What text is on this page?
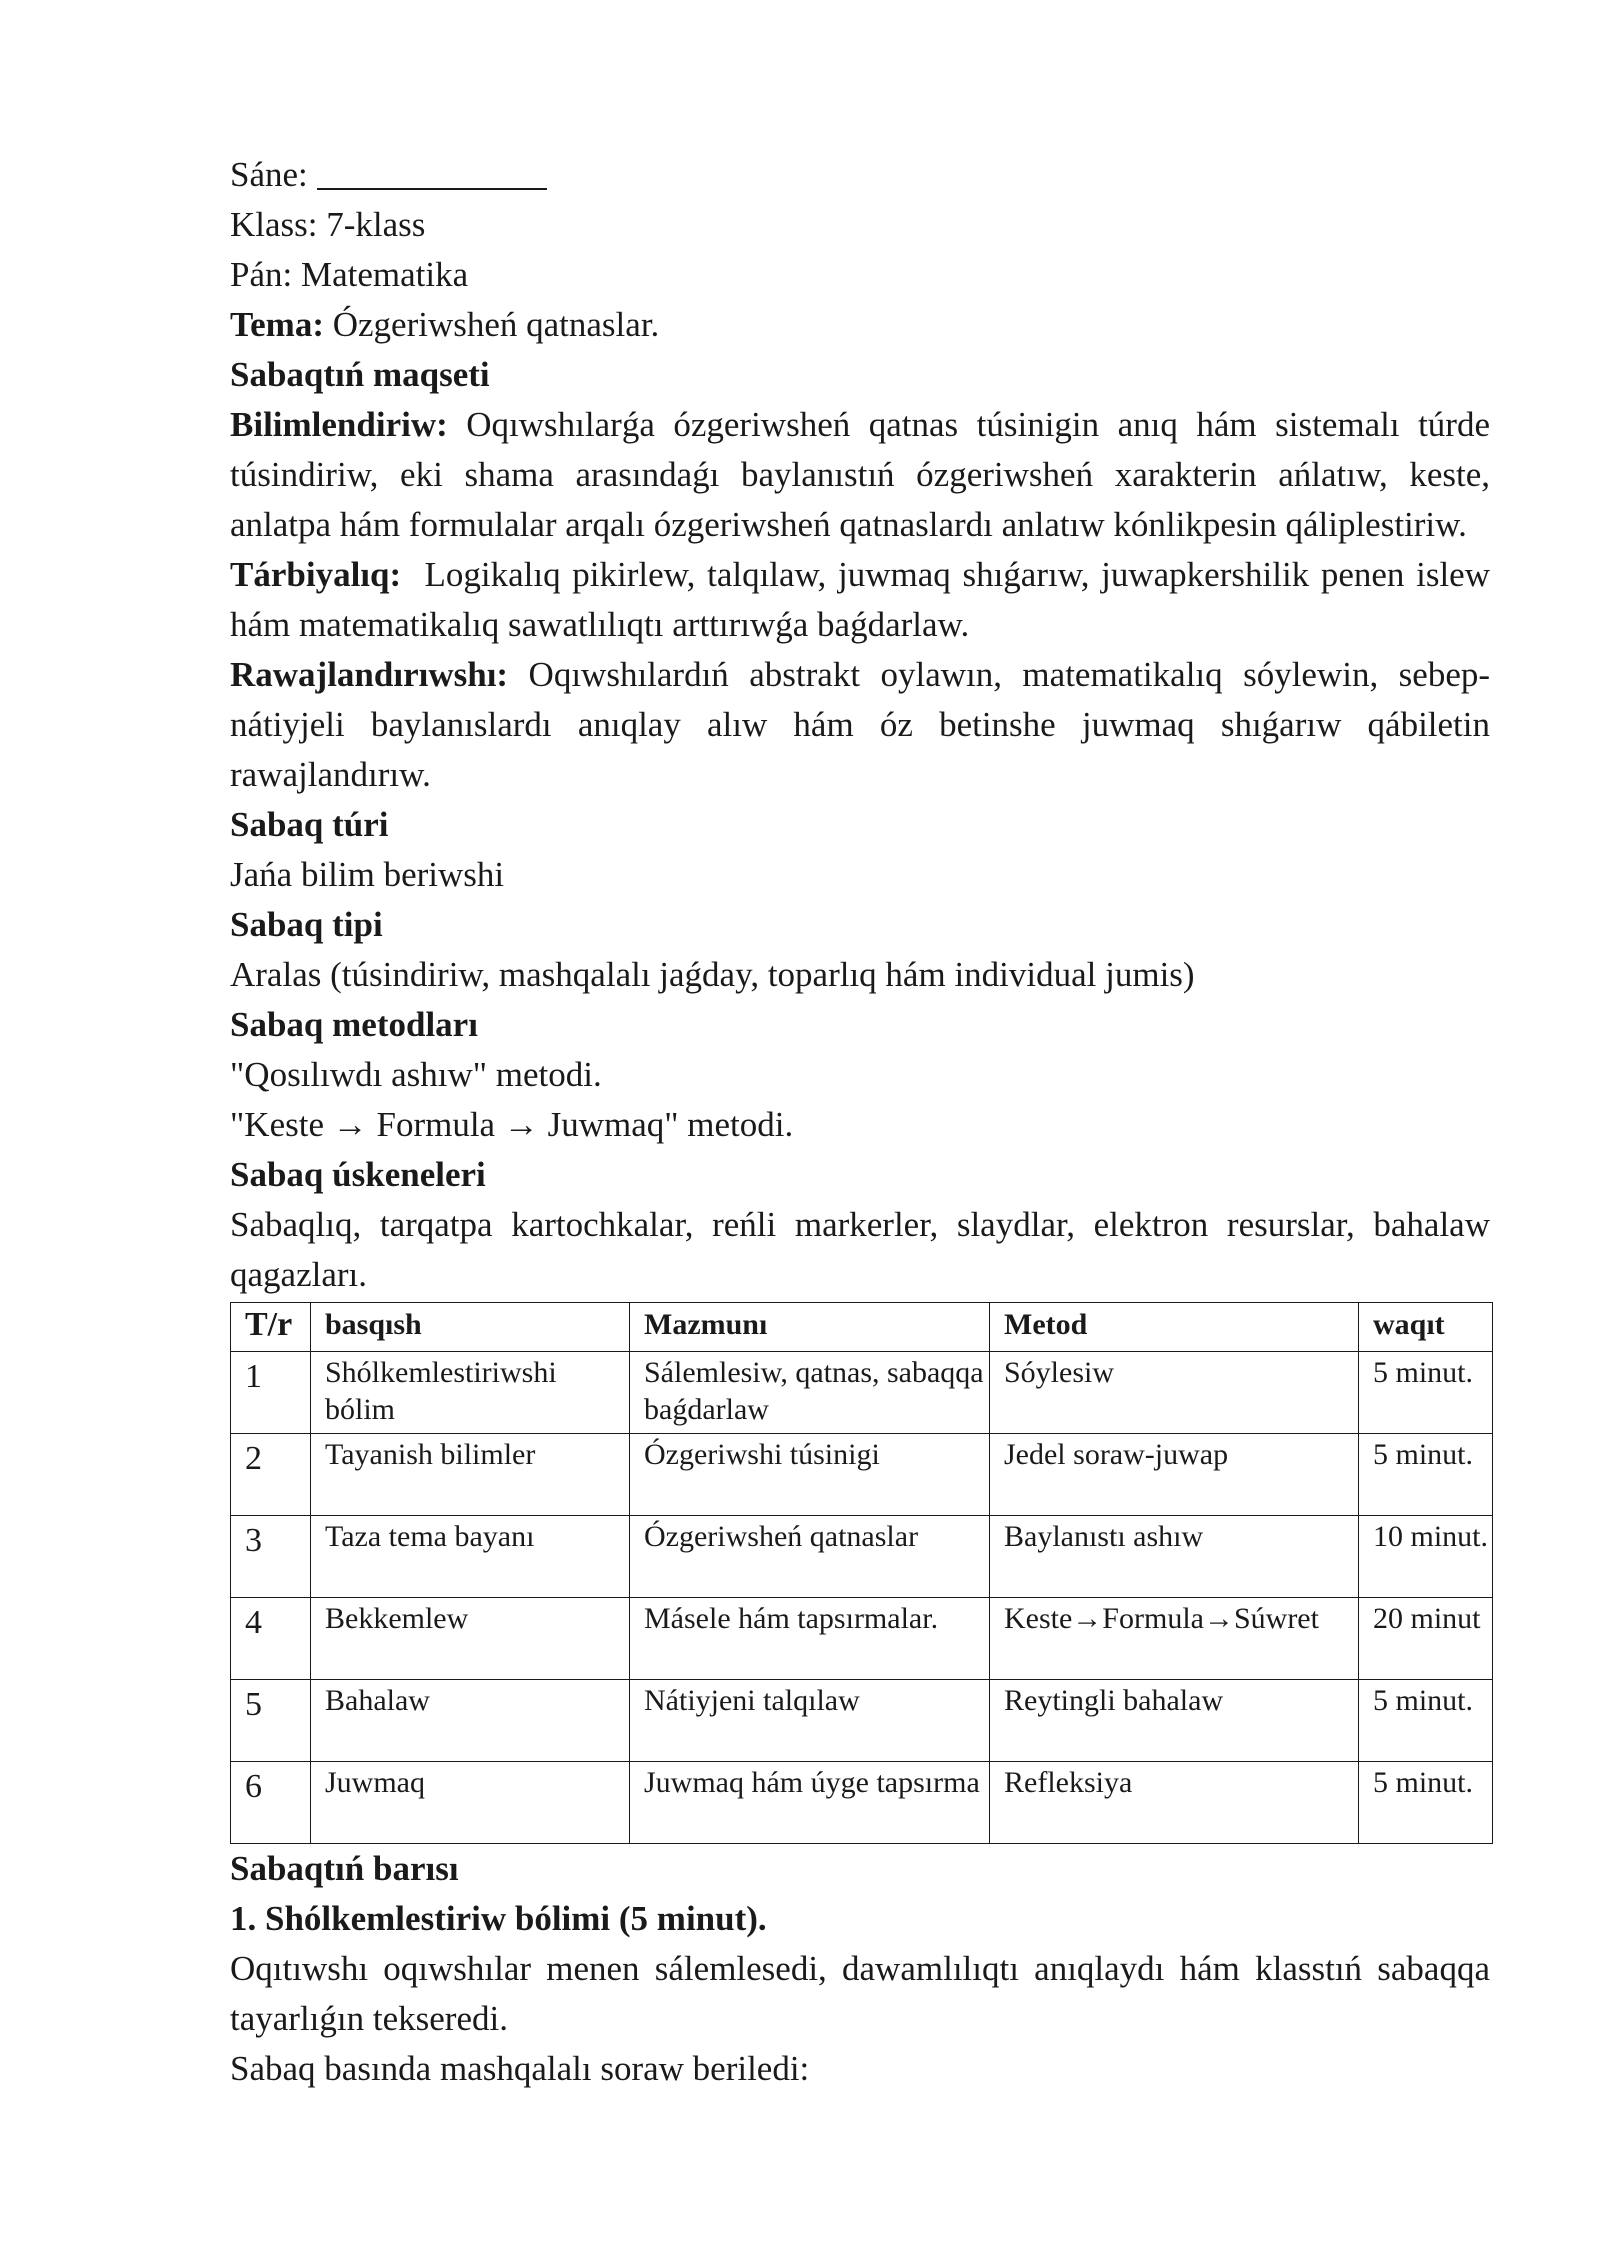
Sáne:

Klass: 7-klass

Pán: Matematika

Tema: Ózgeriwsheń qatnaslar.

Sabaqtıń maqseti

Bilimlendiriw: Oqıwshılarǵa ózgeriwsheń qatnas túsinigin anıq hám sistemalı túrde túsindiriw, eki shama arasındaǵı baylanıstıń ózgeriwsheń xarakterin ańlatıw, keste, anlatpa hám formulalar arqalı ózgeriwsheń qatnaslardı anlatıw kónlikpesin qáliplestiriw.

Tárbiyalıq: Logikalıq pikirlew, talqılaw, juwmaq shıǵarıw, juwapkershilik penen islew hám matematikalıq sawatlılıqtı arttırıwǵa baǵdarlaw.

Rawajlandırıwshı: Oqıwshılardıń abstrakt oylawın, matematikalıq sóylewin, sebep-nátiyjeli baylanıslardı anıqlay alıw hám óz betinshe juwmaq shıǵarıw qábiletin rawajlandırıw.

Sabaq túri

Jańa bilim beriwshi

Sabaq tipi

Aralas (túsindiriw, mashqalalı jaǵday, toparlıq hám individual jumis)

Sabaq metodları

"Qosılıwdı ashıw" metodi.

"Keste → Formula → Juwmaq" metodi.

Sabaq úskeneleri

Sabaqlıq, tarqatpa kartochkalar, reńli markerler, slaydlar, elektron resurslar, bahalaw qagazları.

T/r	basqısh	Mazmunı	Metod	waqıt
1	Shólkemlestiriwshi bólim	Sálemlesiw, qatnas, sabaqqa baǵdarlaw	Sóylesiw	5 minut.
2	Tayanish bilimler	Ózgeriwshi túsinigi	Jedel soraw-juwap	5 minut.
3	Taza tema bayanı	Ózgeriwsheń qatnaslar	Baylanıstı ashıw	10 minut.
4	Bekkemlew	Másele hám tapsırmalar.	Keste→Formula→Súwret	20 minut
5	Bahalaw	Nátiyjeni talqılaw	Reytingli bahalaw	5 minut.
6	Juwmaq	Juwmaq hám úyge tapsırma	Refleksiya	5 minut.

Sabaqtıń barısı

1. Shólkemlestiriw bólimi (5 minut).

Oqıtıwshı oqıwshılar menen sálemlesedi, dawamlılıqtı anıqlaydı hám klasstıń sabaqqa tayarlıǵın tekseredi.

Sabaq basında mashqalalı soraw beriledi:
